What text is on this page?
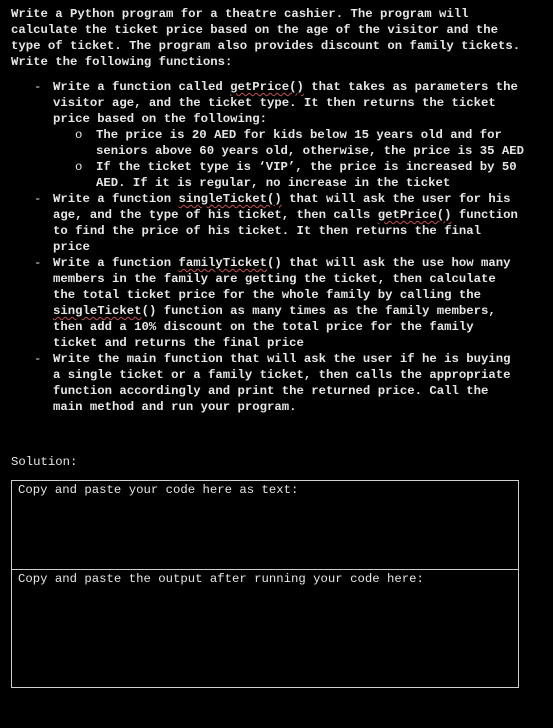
Write a Python program for a theatre cashier. The program will calculate the ticket price based on the age of the visitor and the type of ticket. The program also provides discount on family tickets. Write the following functions:
- Write a function called getPrice() that takes as parameters the visitor age, and the ticket type. It then returns the ticket price based on the following:
o The price is 20 AED for kids below 15 years old and for seniors above 60 years old, otherwise, the price is 35 AED
o If the ticket type is ‘VIP’, the price is increased by 50 AED. If it is regular, no increase in the ticket
- Write a function singleTicket() that will ask the user for his age, and the type of his ticket, then calls getPrice() function to find the price of his ticket. It then returns the final price
- Write a function familyTicket() that will ask the use how many members in the family are getting the ticket, then calculate the total ticket price for the whole family by calling the singleTicket() function as many times as the family members, then add a 10% discount on the total price for the family ticket and returns the final price
- Write the main function that will ask the user if he is buying a single ticket or a family ticket, then calls the appropriate function accordingly and print the returned price. Call the main method and run your program.
Solution:
Copy and paste your code here as text:
Copy and paste the output after running your code here:
